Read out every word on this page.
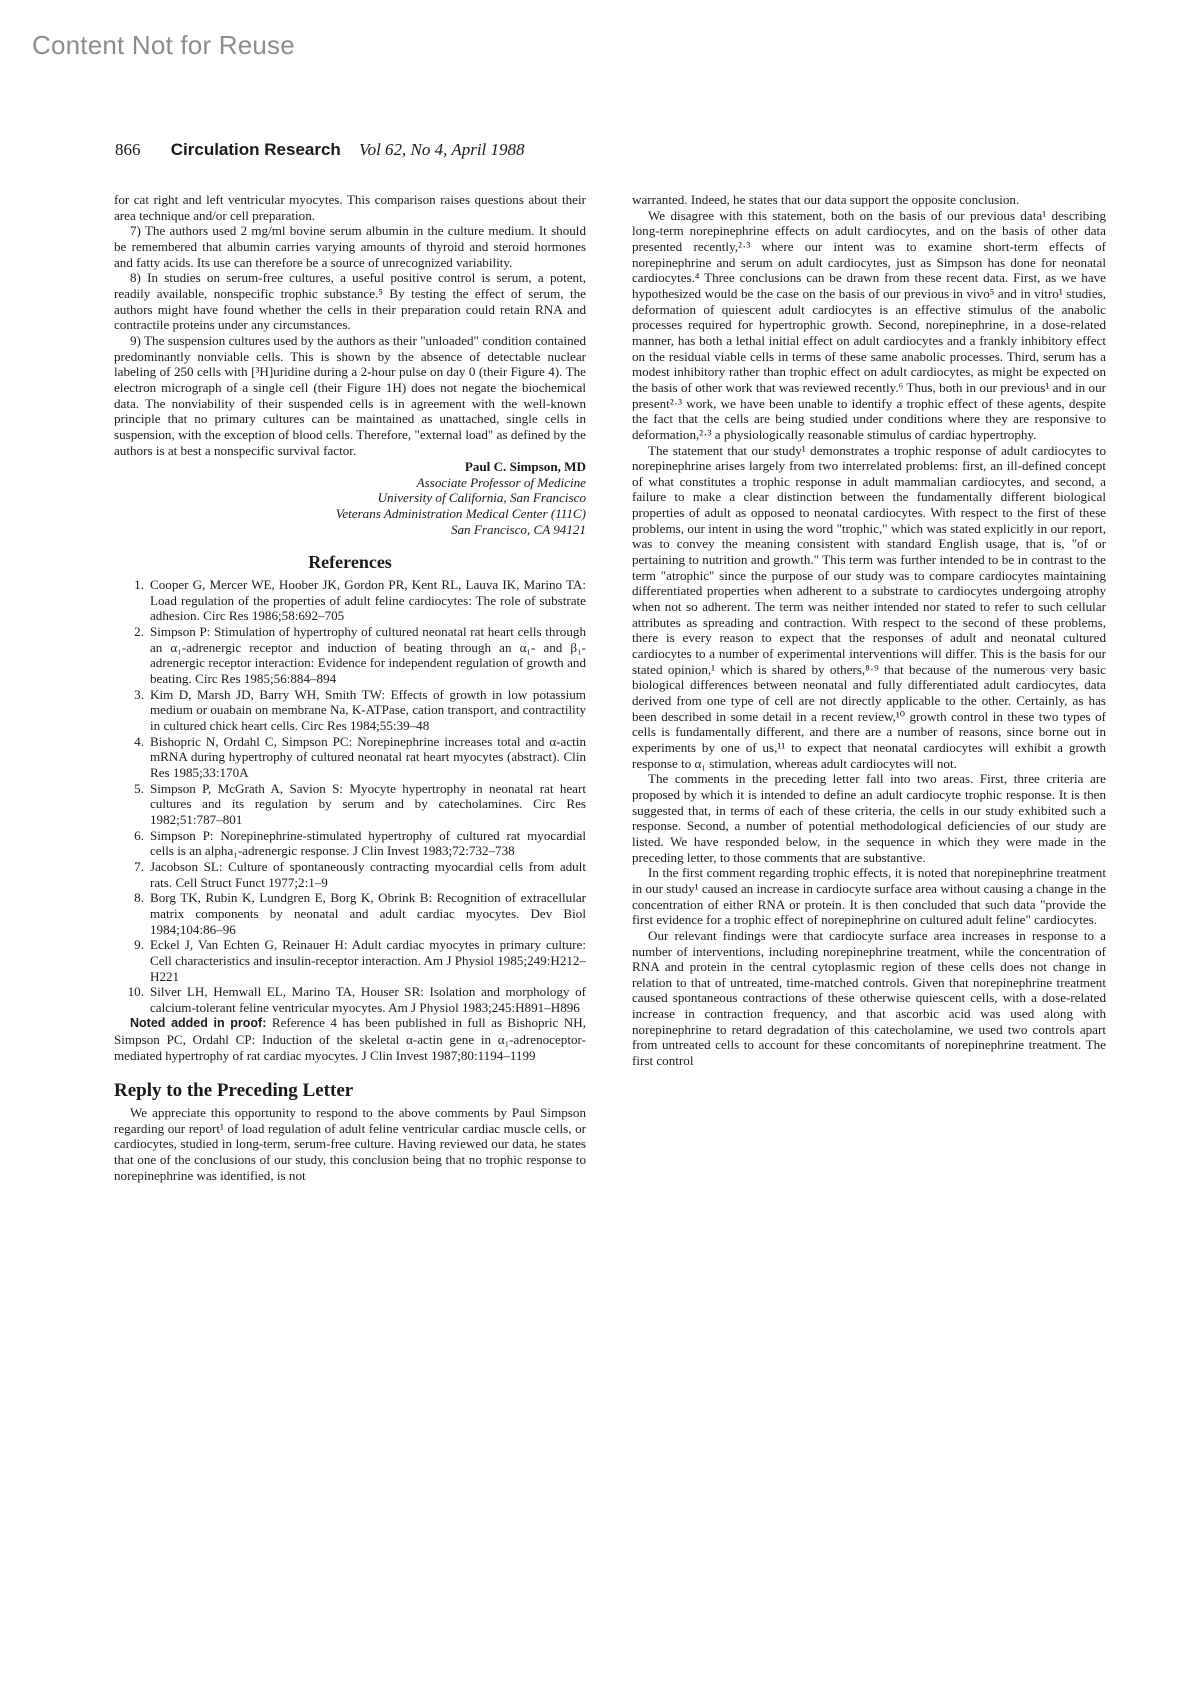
Content Not for Reuse
866 Circulation Research Vol 62, No 4, April 1988

for cat right and left ventricular myocytes. This comparison raises questions about their area technique and/or cell preparation.

7) The authors used 2 mg/ml bovine serum albumin in the culture medium. It should be remembered that albumin carries varying amounts of thyroid and steroid hormones and fatty acids. Its use can therefore be a source of unrecognized variability.

8) In studies on serum-free cultures, a useful positive control is serum, a potent, readily available, nonspecific trophic substance.⁵ By testing the effect of serum, the authors might have found whether the cells in their preparation could retain RNA and contractile proteins under any circumstances.

9) The suspension cultures used by the authors as their "unloaded" condition contained predominantly nonviable cells. This is shown by the absence of detectable nuclear labeling of 250 cells with [³H]uridine during a 2-hour pulse on day 0 (their Figure 4). The electron micrograph of a single cell (their Figure 1H) does not negate the biochemical data. The nonviability of their suspended cells is in agreement with the well-known principle that no primary cultures can be maintained as unattached, single cells in suspension, with the exception of blood cells. Therefore, "external load" as defined by the authors is at best a nonspecific survival factor.

Paul C. Simpson, MD
Associate Professor of Medicine
University of California, San Francisco
Veterans Administration Medical Center (111C)
San Francisco, CA 94121
References
1. Cooper G, Mercer WE, Hoober JK, Gordon PR, Kent RL, Lauva IK, Marino TA: Load regulation of the properties of adult feline cardiocytes: The role of substrate adhesion. Circ Res 1986;58:692–705
2. Simpson P: Stimulation of hypertrophy of cultured neonatal rat heart cells through an α₁-adrenergic receptor and induction of beating through an α₁- and β₁-adrenergic receptor interaction: Evidence for independent regulation of growth and beating. Circ Res 1985;56:884–894
3. Kim D, Marsh JD, Barry WH, Smith TW: Effects of growth in low potassium medium or ouabain on membrane Na, K-ATPase, cation transport, and contractility in cultured chick heart cells. Circ Res 1984;55:39–48
4. Bishopric N, Ordahl C, Simpson PC: Norepinephrine increases total and α-actin mRNA during hypertrophy of cultured neonatal rat heart myocytes (abstract). Clin Res 1985;33:170A
5. Simpson P, McGrath A, Savion S: Myocyte hypertrophy in neonatal rat heart cultures and its regulation by serum and by catecholamines. Circ Res 1982;51:787–801
6. Simpson P: Norepinephrine-stimulated hypertrophy of cultured rat myocardial cells is an alpha₁-adrenergic response. J Clin Invest 1983;72:732–738
7. Jacobson SL: Culture of spontaneously contracting myocardial cells from adult rats. Cell Struct Funct 1977;2:1–9
8. Borg TK, Rubin K, Lundgren E, Borg K, Obrink B: Recognition of extracellular matrix components by neonatal and adult cardiac myocytes. Dev Biol 1984;104:86–96
9. Eckel J, Van Echten G, Reinauer H: Adult cardiac myocytes in primary culture: Cell characteristics and insulin-receptor interaction. Am J Physiol 1985;249:H212–H221
10. Silver LH, Hemwall EL, Marino TA, Houser SR: Isolation and morphology of calcium-tolerant feline ventricular myocytes. Am J Physiol 1983;245:H891–H896

Noted added in proof: Reference 4 has been published in full as Bishopric NH, Simpson PC, Ordahl CP: Induction of the skeletal α-actin gene in α₁-adrenoceptor-mediated hypertrophy of rat cardiac myocytes. J Clin Invest 1987;80:1194–1199

Reply to the Preceding Letter

We appreciate this opportunity to respond to the above comments by Paul Simpson regarding our report¹ of load regulation of adult feline ventricular cardiac muscle cells, or cardiocytes, studied in long-term, serum-free culture. Having reviewed our data, he states that one of the conclusions of our study, this conclusion being that no trophic response to norepinephrine was identified, is not

warranted. Indeed, he states that our data support the opposite conclusion.

We disagree with this statement, both on the basis of our previous data¹ describing long-term norepinephrine effects on adult cardiocytes, and on the basis of other data presented recently,²·³ where our intent was to examine short-term effects of norepinephrine and serum on adult cardiocytes, just as Simpson has done for neonatal cardiocytes.⁴ Three conclusions can be drawn from these recent data. First, as we have hypothesized would be the case on the basis of our previous in vivo⁵ and in vitro¹ studies, deformation of quiescent adult cardiocytes is an effective stimulus of the anabolic processes required for hypertrophic growth. Second, norepinephrine, in a dose-related manner, has both a lethal initial effect on adult cardiocytes and a frankly inhibitory effect on the residual viable cells in terms of these same anabolic processes. Third, serum has a modest inhibitory rather than trophic effect on adult cardiocytes, as might be expected on the basis of other work that was reviewed recently.⁶ Thus, both in our previous¹ and in our present²·³ work, we have been unable to identify a trophic effect of these agents, despite the fact that the cells are being studied under conditions where they are responsive to deformation,²·³ a physiologically reasonable stimulus of cardiac hypertrophy.

The statement that our study¹ demonstrates a trophic response of adult cardiocytes to norepinephrine arises largely from two interrelated problems: first, an ill-defined concept of what constitutes a trophic response in adult mammalian cardiocytes, and second, a failure to make a clear distinction between the fundamentally different biological properties of adult as opposed to neonatal cardiocytes. With respect to the first of these problems, our intent in using the word "trophic," which was stated explicitly in our report, was to convey the meaning consistent with standard English usage, that is, "of or pertaining to nutrition and growth." This term was further intended to be in contrast to the term "atrophic" since the purpose of our study was to compare cardiocytes maintaining differentiated properties when adherent to a substrate to cardiocytes undergoing atrophy when not so adherent. The term was neither intended nor stated to refer to such cellular attributes as spreading and contraction. With respect to the second of these problems, there is every reason to expect that the responses of adult and neonatal cultured cardiocytes to a number of experimental interventions will differ. This is the basis for our stated opinion,¹ which is shared by others,⁸·⁹ that because of the numerous very basic biological differences between neonatal and fully differentiated adult cardiocytes, data derived from one type of cell are not directly applicable to the other. Certainly, as has been described in some detail in a recent review,¹⁰ growth control in these two types of cells is fundamentally different, and there are a number of reasons, since borne out in experiments by one of us,¹¹ to expect that neonatal cardiocytes will exhibit a growth response to α₁ stimulation, whereas adult cardiocytes will not.

The comments in the preceding letter fall into two areas. First, three criteria are proposed by which it is intended to define an adult cardiocyte trophic response. It is then suggested that, in terms of each of these criteria, the cells in our study exhibited such a response. Second, a number of potential methodological deficiencies of our study are listed. We have responded below, in the sequence in which they were made in the preceding letter, to those comments that are substantive.

In the first comment regarding trophic effects, it is noted that norepinephrine treatment in our study¹ caused an increase in cardiocyte surface area without causing a change in the concentration of either RNA or protein. It is then concluded that such data "provide the first evidence for a trophic effect of norepinephrine on cultured adult feline" cardiocytes.

Our relevant findings were that cardiocyte surface area increases in response to a number of interventions, including norepinephrine treatment, while the concentration of RNA and protein in the central cytoplasmic region of these cells does not change in relation to that of untreated, time-matched controls. Given that norepinephrine treatment caused spontaneous contractions of these otherwise quiescent cells, with a dose-related increase in contraction frequency, and that ascorbic acid was used along with norepinephrine to retard degradation of this catecholamine, we used two controls apart from untreated cells to account for these concomitants of norepinephrine treatment. The first control
